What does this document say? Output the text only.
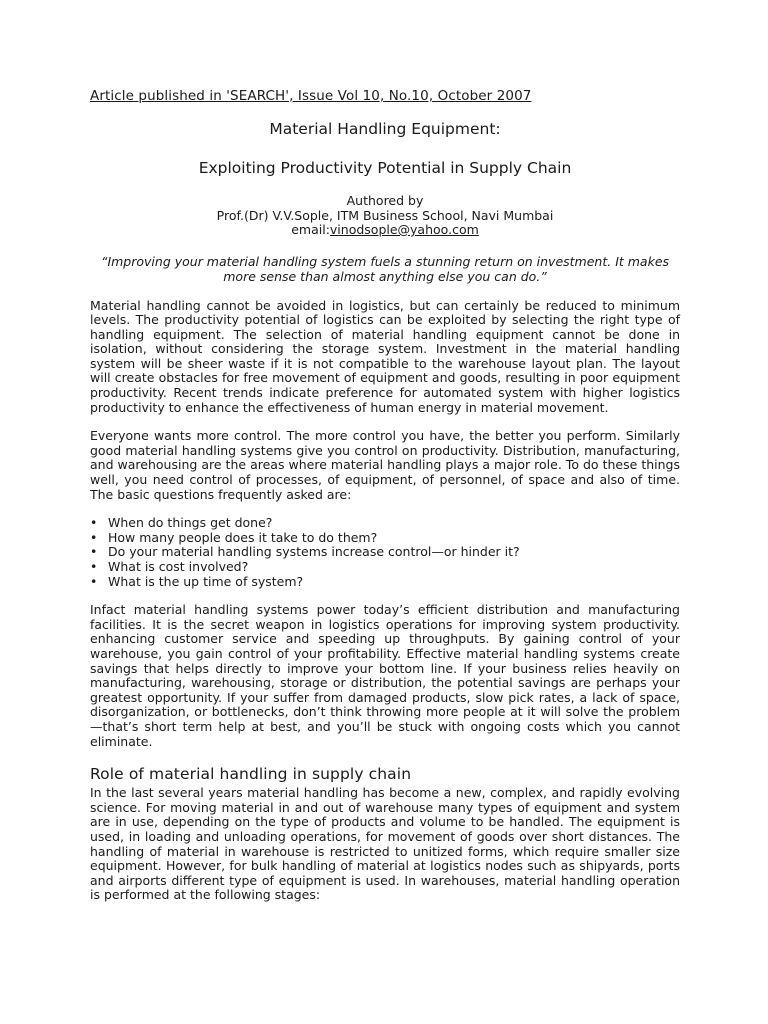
Article published in 'SEARCH', Issue Vol 10, No.10, October 2007
Material Handling Equipment:
Exploiting Productivity Potential in Supply Chain
Authored by
Prof.(Dr) V.V.Sople, ITM Business School, Navi Mumbai
email:vinodsople@yahoo.com
“Improving your material handling system fuels a stunning return on investment. It makes more sense than almost anything else you can do.”

Material handling cannot be avoided in logistics, but can certainly be reduced to minimum levels. The productivity potential of logistics can be exploited by selecting the right type of handling equipment. The selection of material handling equipment cannot be done in isolation, without considering the storage system. Investment in the material handling system will be sheer waste if it is not compatible to the warehouse layout plan. The layout will create obstacles for free movement of equipment and goods, resulting in poor equipment productivity. Recent trends indicate preference for automated system with higher logistics productivity to enhance the effectiveness of human energy in material movement.

Everyone wants more control. The more control you have, the better you perform. Similarly good material handling systems give you control on productivity. Distribution, manufacturing, and warehousing are the areas where material handling plays a major role. To do these things well, you need control of processes, of equipment, of personnel, of space and also of time. The basic questions frequently asked are:

• When do things get done?
• How many people does it take to do them?
• Do your material handling systems increase control—or hinder it?
• What is cost involved?
• What is the up time of system?

Infact material handling systems power today’s efficient distribution and manufacturing facilities. It is the secret weapon in logistics operations for improving system productivity. enhancing customer service and speeding up throughputs. By gaining control of your warehouse, you gain control of your profitability. Effective material handling systems create savings that helps directly to improve your bottom line. If your business relies heavily on manufacturing, warehousing, storage or distribution, the potential savings are perhaps your greatest opportunity. If your suffer from damaged products, slow pick rates, a lack of space, disorganization, or bottlenecks, don’t think throwing more people at it will solve the problem—that’s short term help at best, and you’ll be stuck with ongoing costs which you cannot eliminate.

Role of material handling in supply chain

In the last several years material handling has become a new, complex, and rapidly evolving science. For moving material in and out of warehouse many types of equipment and system are in use, depending on the type of products and volume to be handled. The equipment is used, in loading and unloading operations, for movement of goods over short distances. The handling of material in warehouse is restricted to unitized forms, which require smaller size equipment. However, for bulk handling of material at logistics nodes such as shipyards, ports and airports different type of equipment is used. In warehouses, material handling operation is performed at the following stages:
